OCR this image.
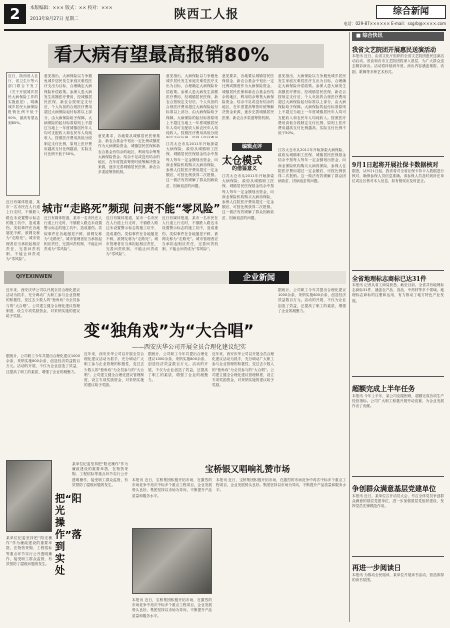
2	本版编辑：××× 版式：×× 校对：×××
2013年8月27日 星期二	陕西工人报	综合新闻
电话：029-87×××××× E-mail：sxgrb@××××.com
看大病有望最高报销80%
近日，陕西省人社厅、省卫生厅等六部门联合下发了《关于开展城乡居民大病保险工作的实施意见》，明确城乡居民大病保险报销比例不低于50%，最高有望达到80%。
意见指出，大病保险以力争避免城乡居民发生家庭灾难性医疗支出为目标，合理确定大病保险补偿政策。参保人患大病发生高额医疗费用，经城镇居民医保、新农合按规定支付后，个人负担的合规医疗费用超过大病保险起付标准以上部分，由大病保险给予保障。大病保险的起付标准原则上不超过当地上一年度城镇居民年人均可支配收入和农民年人均纯收入。按照医疗费用高低分段制定支付比例，原则上医疗费用越高支付比例越高，实际支付比例不低于50%。
意见要求，各地要从城镇居民医保基金、新农合基金中划出一定比例或额度作为大病保险资金，城镇居民医保和新农合基金有结余的地区，利用结余筹集大病保险资金；结余不足或没有结余的地区，在年度提高筹资时统筹解决资金来源，逐步完善城镇居民医保、新农合多渠道筹资机制。
意见指出，大病保险以力争避免城乡居民发生家庭灾难性医疗支出为目标，合理确定大病保险补偿政策。参保人患大病发生高额医疗费用，经城镇居民医保、新农合按规定支付后，个人负担的合规医疗费用超过大病保险起付标准以上部分，由大病保险给予保障。大病保险的起付标准原则上不超过当地上一年度城镇居民年人均可支配收入和农民年人均纯收入。按照医疗费用高低分段
意见要求，各地要从城镇居民医保基金、新农合基金中划出一定比例或额度作为大病保险资金，城镇居民医保和新农合基金有结余的地区，利用结余筹集大病保险资金；结余不足或没有结余的地区，在年度提高筹资时统筹解决资金来源，逐步完善城镇居民医保、新农合多渠道筹资机制。
意见指出，大病保险以力争避免城乡居民发生家庭灾难性医疗支出为目标，合理确定大病保险补偿政策。参保人患大病发生高额医疗费用，经城镇居民医保、新农合按规定支付后，个人负担的合规医疗费用超过大病保险起付标准以上部分，由大病保险给予保障。大病保险的起付标准原则上不超过当地上一年度城镇居民年人均可支配收入和农民年人均纯收入。按照医疗费用高低分段制定支付比例，原则上医疗费用越高支付比例越高，实际支付比例不低于50%。
编辑点评
太仓模式
的借鉴意义
江苏太仓市从2011年开始探索大病保险，政府从城镇职工医保、城镇居民医保基金结余中按每人每年一定金额划出资金，向商业保险机构购买大病再保险，参保人住院医疗费用超过一定金额后，可按比例获得二次报销。这一做法有效缓解了群众因病致贫、因病返贫的问题。
江苏太仓市从2011年开始探索大病保险，政府从城镇职工医保、城镇居民医保基金结余中按每人每年一定金额划出资金，向商业保险机构购买大病再保险，参保人住院医疗费用超过一定金额后，可按比例获得二次报销。这一做法有效缓解了群众因病致贫、因病返贫的问题。
江苏太仓市从2011年开始探索大病保险，政府从城镇职工医保、城镇居民医保基金结余中按每人每年一定金额划出资金，向商业保险机构购买大病再保险，参保人住院医疗费用超过一定金额后，可按比例获得二次报销。这一做法有效缓解了群众因病致贫、因病返贫的问题。
城市“走路死”频现 问责不能“零风险”
近日有媒体报道，某市一名市民在人行道上行走时，不慎跌入路边未设置警示标志的施工坑中，造成重伤。类似事件在各地屡见不鲜，被网友称为“走路死”。城市管理者应当承担起相应责任，完善问责机制，不能让问责成为“零风险”。
近日有媒体报道，某市一名市民在人行道上行走时，不慎跌入路边未设置警示标志的施工坑中，造成重伤。类似事件在各地屡见不鲜，被网友称为“走路死”。城市管理者应当承担起相应责任，完善问责机制，不能让问责成为“零风险”。
近日有媒体报道，某市一名市民在人行道上行走时，不慎跌入路边未设置警示标志的施工坑中，造成重伤。类似事件在各地屡见不鲜，被网友称为“走路死”。城市管理者应当承担起相应责任，完善问责机制，不能让问责成为“零风险”。
近日有媒体报道，某市一名市民在人行道上行走时，不慎跌入路边未设置警示标志的施工坑中，造成重伤。类似事件在各地屡见不鲜，被网友称为“走路死”。城市管理者应当承担起相应责任，完善问责机制，不能让问责成为“零风险”。
QIYEXINWEN	企业新闻
变“独角戏”为“大合唱”
——西安庆华公司开展全员合理化建议纪实
近年来，西安庆华公司以开展全员合理化建议活动为抓手，充分调动广大职工参与企业管理的积极性，变过去少数人的“独角戏”为全员参与的“大合唱”。公司建立健全合理化建议管理制度，设立专项奖励资金，对采纳实施的建议给予奖励。
据统计，公司职工今年共提出合理化建议1000余条，采纳实施800余条，创造经济效益数百万元。活动的开展，不仅为企业创造了效益，还提高了职工的素质，增强了企业的凝聚力。
近年来，西安庆华公司以开展全员合理化建议活动为抓手，充分调动广大职工参与企业管理的积极性，变过去少数人的“独角戏”为全员参与的“大合唱”。公司建立健全合理化建议管理制度，设立专项奖励资金，对采纳实施的建议给予奖励。
据统计，公司职工今年共提出合理化建议1000余条，采纳实施800余条，创造经济效益数百万元。活动的开展，不仅为企业创造了效益，还提高了职工的素质，增强了企业的凝聚力。
近年来，西安庆华公司以开展全员合理化建议活动为抓手，充分调动广大职工参与企业管理的积极性，变过去少数人的“独角戏”为全员参与的“大合唱”。公司建立健全合理化建议管理制度，设立专项奖励资金，对采纳实施的建议给予奖励。
据统计，公司职工今年共提出合理化建议1000余条，采纳实施800余条，创造经济效益数百万元。活动的开展，不仅为企业创造了效益，还提高了职工的素质，增强了企业的凝聚力。
把“阳光操作”落到实处
某单位纪委坚持把“阳光操作”作为廉政建设的重要举措，在物资采购、工程招标等重点环节实行公开透明操作，接受职工群众监督，有效预防了腐败问题的发生。
某单位纪委坚持把“阳光操作”作为廉政建设的重要举措，在物资采购、工程招标等重点环节实行公开透明操作，接受职工群众监督，有效预防了腐败问题的发生。
宝桥银又唱响礼赞市场
本报讯 近日，宝桥集团积极开拓市场，在激烈的市场竞争中再次中标多个重点工程项目，企业发展势头良好。集团坚持以市场为导向，不断提升产品质量和服务水平。
本报讯 近日，宝桥集团积极开拓市场，在激烈的市场竞争中再次中标多个重点工程项目，企业发展势头良好。集团坚持以市场为导向，不断提升产品质量和服务水平。
本报讯 近日，宝桥集团积极开拓市场，在激烈的市场竞争中再次中标多个重点工程项目，企业发展势头良好。集团坚持以市场为导向，不断提升产品质量和服务水平。
■ 综合快讯
我省文艺院团开展惠民送演活动
本报讯 近日，由省文化厅组织的全省文艺院团惠民送演活动启动，省直和各市文艺院团将深入基层，为广大群众送去精彩演出。活动将持续到年底，演出内容涵盖秦腔、话剧、歌舞等多种艺术形式。
9月1日起将开展社保卡数据核对
据悉，从9月1日起，我省将对全省社保卡持卡人数据进行核对，确保参保人员信息准确。请参保人员及时到所在单位或社区核对本人信息，如有错误应及时更正。
全省地理标志商标已达31件
本报讯 记者从省工商局获悉，截至目前，全省共有地理标志商标31件，涵盖农产品、食品、中药材等多个领域。地理标志商标的注册和运用，有力推动了地方特色产业发展。
超额完成上半年任务
本报讯 今年上半年，某公司克服困难，超额完成各项生产经营指标。公司广大职工积极开展劳动竞赛，为企业发展作出了贡献。
争创群众满意基层党建单位
本报讯 近日，某单位召开动员大会，号召全体党员争创群众满意的基层党建单位，进一步加强基层党组织建设，发挥党员先锋模范作用。
再进一步阅读日
本报讯 为推动全民阅读，某单位开展读书活动，营造浓厚的读书氛围。
